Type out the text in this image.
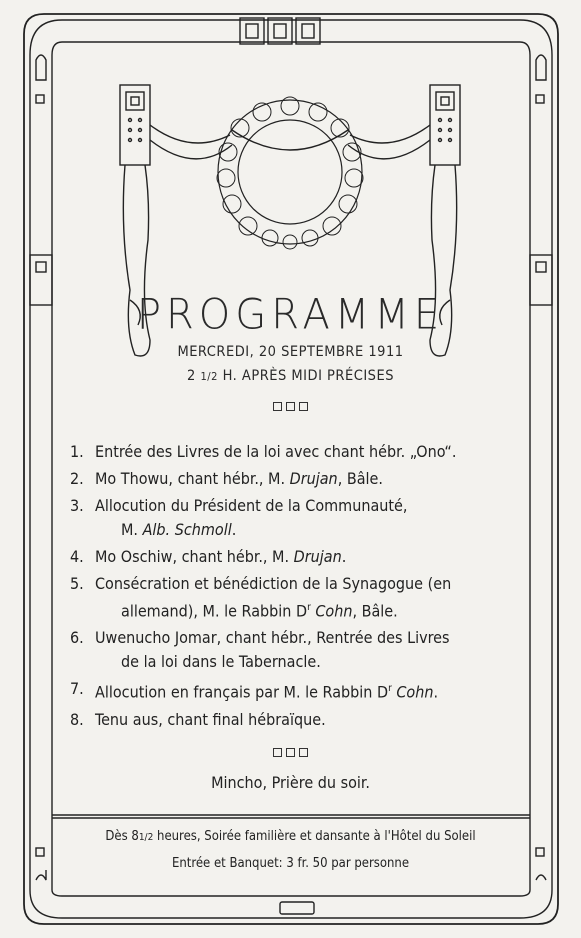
PROGRAMME
MERCREDI, 20 SEPTEMBRE 1911
2 1/2 H. APRÈS MIDI PRÉCISES
1. Entrée des Livres de la loi avec chant hébr. „Ono“.
2. Mo Thowu, chant hébr., M. Drujan, Bâle.
3. Allocution du Président de la Communauté,
M. Alb. Schmoll.
4. Mo Oschiw, chant hébr., M. Drujan.
5. Consécration et bénédiction de la Synagogue (en
allemand), M. le Rabbin $D^r$ Cohn, Bâle.
6. Uwenucho Jomar, chant hébr., Rentrée des Livres
de la loi dans le Tabernacle.
7. Allocution en français par M. le Rabbin $D^r$ Cohn.
8. Tenu aus, chant final hébraïque.
Mincho, Prière du soir.
Dès 81/2 heures, Soirée familière et dansante à l'Hôtel du Soleil
Entrée et Banquet: 3 fr. 50 par personne
